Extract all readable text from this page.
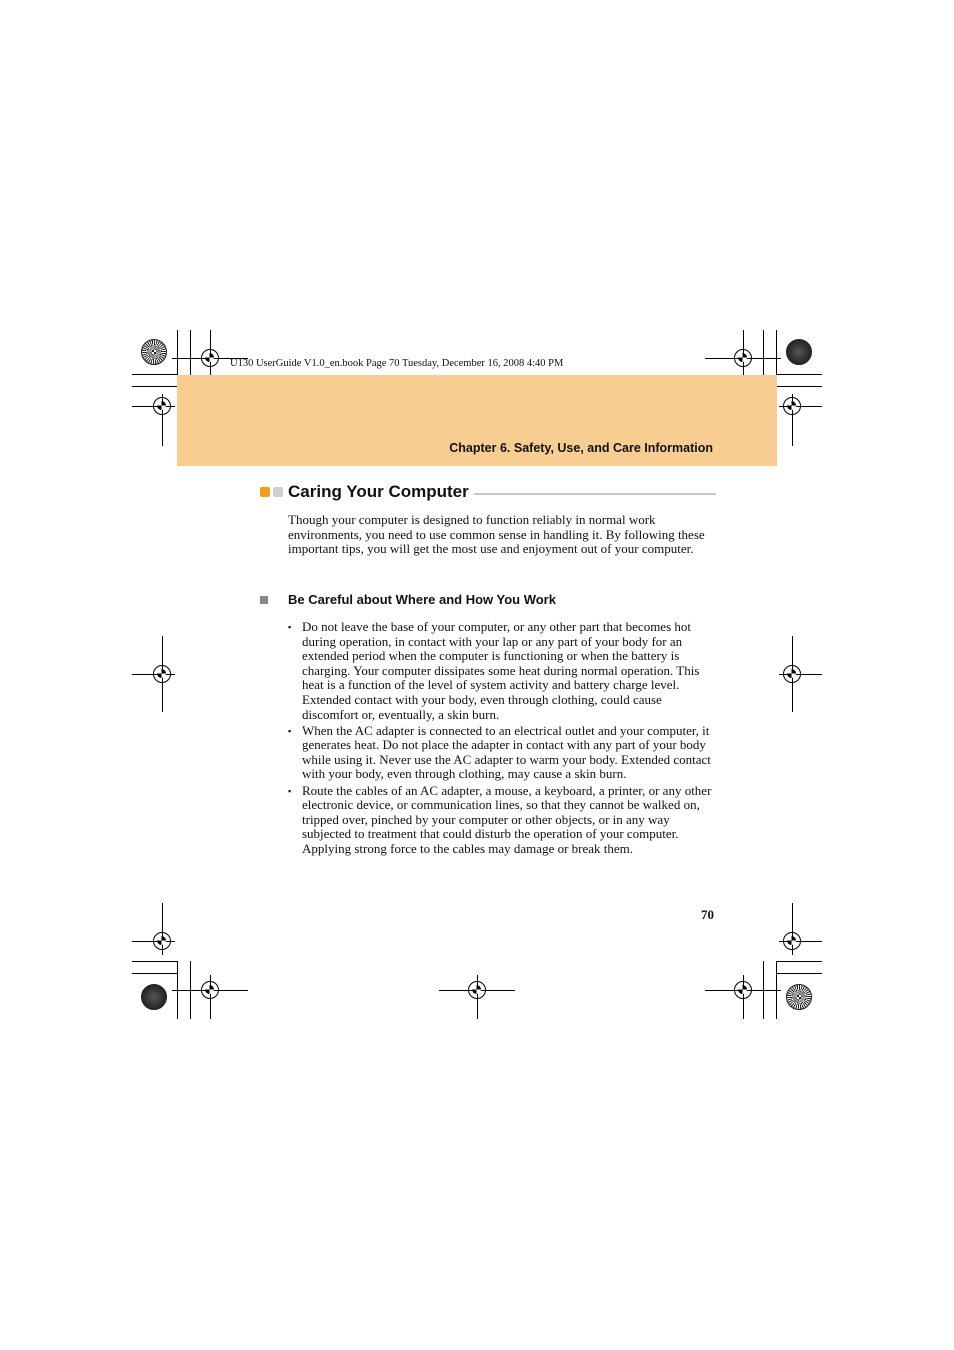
U130 UserGuide V1.0_en.book Page 70 Tuesday, December 16, 2008 4:40 PM
Chapter 6. Safety, Use, and Care Information
Caring Your Computer

Though your computer is designed to function reliably in normal work environments, you need to use common sense in handling it. By following these important tips, you will get the most use and enjoyment out of your computer.

Be Careful about Where and How You Work
▪ Do not leave the base of your computer, or any other part that becomes hot during operation, in contact with your lap or any part of your body for an extended period when the computer is functioning or when the battery is charging. Your computer dissipates some heat during normal operation. This heat is a function of the level of system activity and battery charge level. Extended contact with your body, even through clothing, could cause discomfort or, eventually, a skin burn.
▪ When the AC adapter is connected to an electrical outlet and your computer, it generates heat. Do not place the adapter in contact with any part of your body while using it. Never use the AC adapter to warm your body. Extended contact with your body, even through clothing, may cause a skin burn.
▪ Route the cables of an AC adapter, a mouse, a keyboard, a printer, or any other electronic device, or communication lines, so that they cannot be walked on, tripped over, pinched by your computer or other objects, or in any way subjected to treatment that could disturb the operation of your computer. Applying strong force to the cables may damage or break them.
70
